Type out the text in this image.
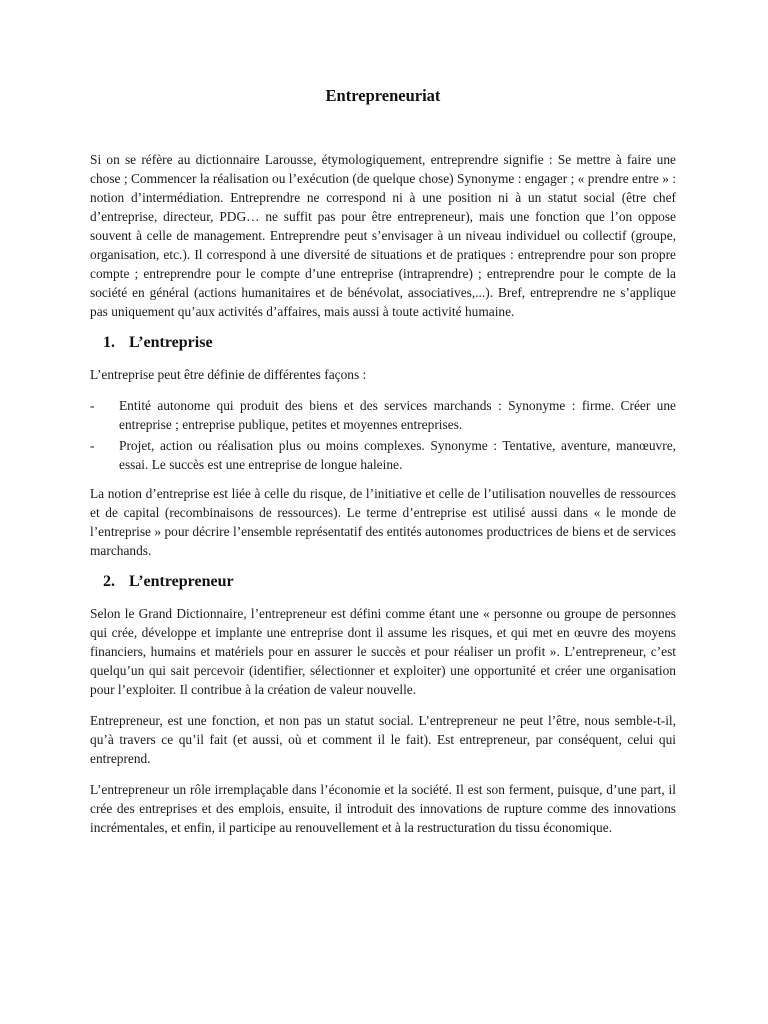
Entrepreneuriat

Si on se réfère au dictionnaire Larousse, étymologiquement, entreprendre signifie : Se mettre à faire une chose ; Commencer la réalisation ou l’exécution (de quelque chose) Synonyme : engager ; « prendre entre » : notion d’intermédiation. Entreprendre ne correspond ni à une position ni à un statut social (être chef d’entreprise, directeur, PDG… ne suffit pas pour être entrepreneur), mais une fonction que l’on oppose souvent à celle de management. Entreprendre peut s’envisager à un niveau individuel ou collectif (groupe, organisation, etc.). Il correspond à une diversité de situations et de pratiques : entreprendre pour son propre compte ; entreprendre pour le compte d’une entreprise (intraprendre) ; entreprendre pour le compte de la société en général (actions humanitaires et de bénévolat, associatives,...). Bref, entreprendre ne s’applique pas uniquement qu’aux activités d’affaires, mais aussi à toute activité humaine.

1. L’entreprise

L’entreprise peut être définie de différentes façons :

- Entité autonome qui produit des biens et des services marchands : Synonyme : firme. Créer une entreprise ; entreprise publique, petites et moyennes entreprises.
- Projet, action ou réalisation plus ou moins complexes. Synonyme : Tentative, aventure, manœuvre, essai. Le succès est une entreprise de longue haleine.

La notion d’entreprise est liée à celle du risque, de l’initiative et celle de l’utilisation nouvelles de ressources et de capital (recombinaisons de ressources). Le terme d’entreprise est utilisé aussi dans « le monde de l’entreprise » pour décrire l’ensemble représentatif des entités autonomes productrices de biens et de services marchands.

2. L’entrepreneur

Selon le Grand Dictionnaire, l’entrepreneur est défini comme étant une « personne ou groupe de personnes qui crée, développe et implante une entreprise dont il assume les risques, et qui met en œuvre des moyens financiers, humains et matériels pour en assurer le succès et pour réaliser un profit ». L’entrepreneur, c’est quelqu’un qui sait percevoir (identifier, sélectionner et exploiter) une opportunité et créer une organisation pour l’exploiter. Il contribue à la création de valeur nouvelle.

Entrepreneur, est une fonction, et non pas un statut social. L’entrepreneur ne peut l’être, nous semble-t-il, qu’à travers ce qu’il fait (et aussi, où et comment il le fait). Est entrepreneur, par conséquent, celui qui entreprend.

L’entrepreneur un rôle irremplaçable dans l’économie et la société. Il est son ferment, puisque, d’une part, il crée des entreprises et des emplois, ensuite, il introduit des innovations de rupture comme des innovations incrémentales, et enfin, il participe au renouvellement et à la restructuration du tissu économique.
